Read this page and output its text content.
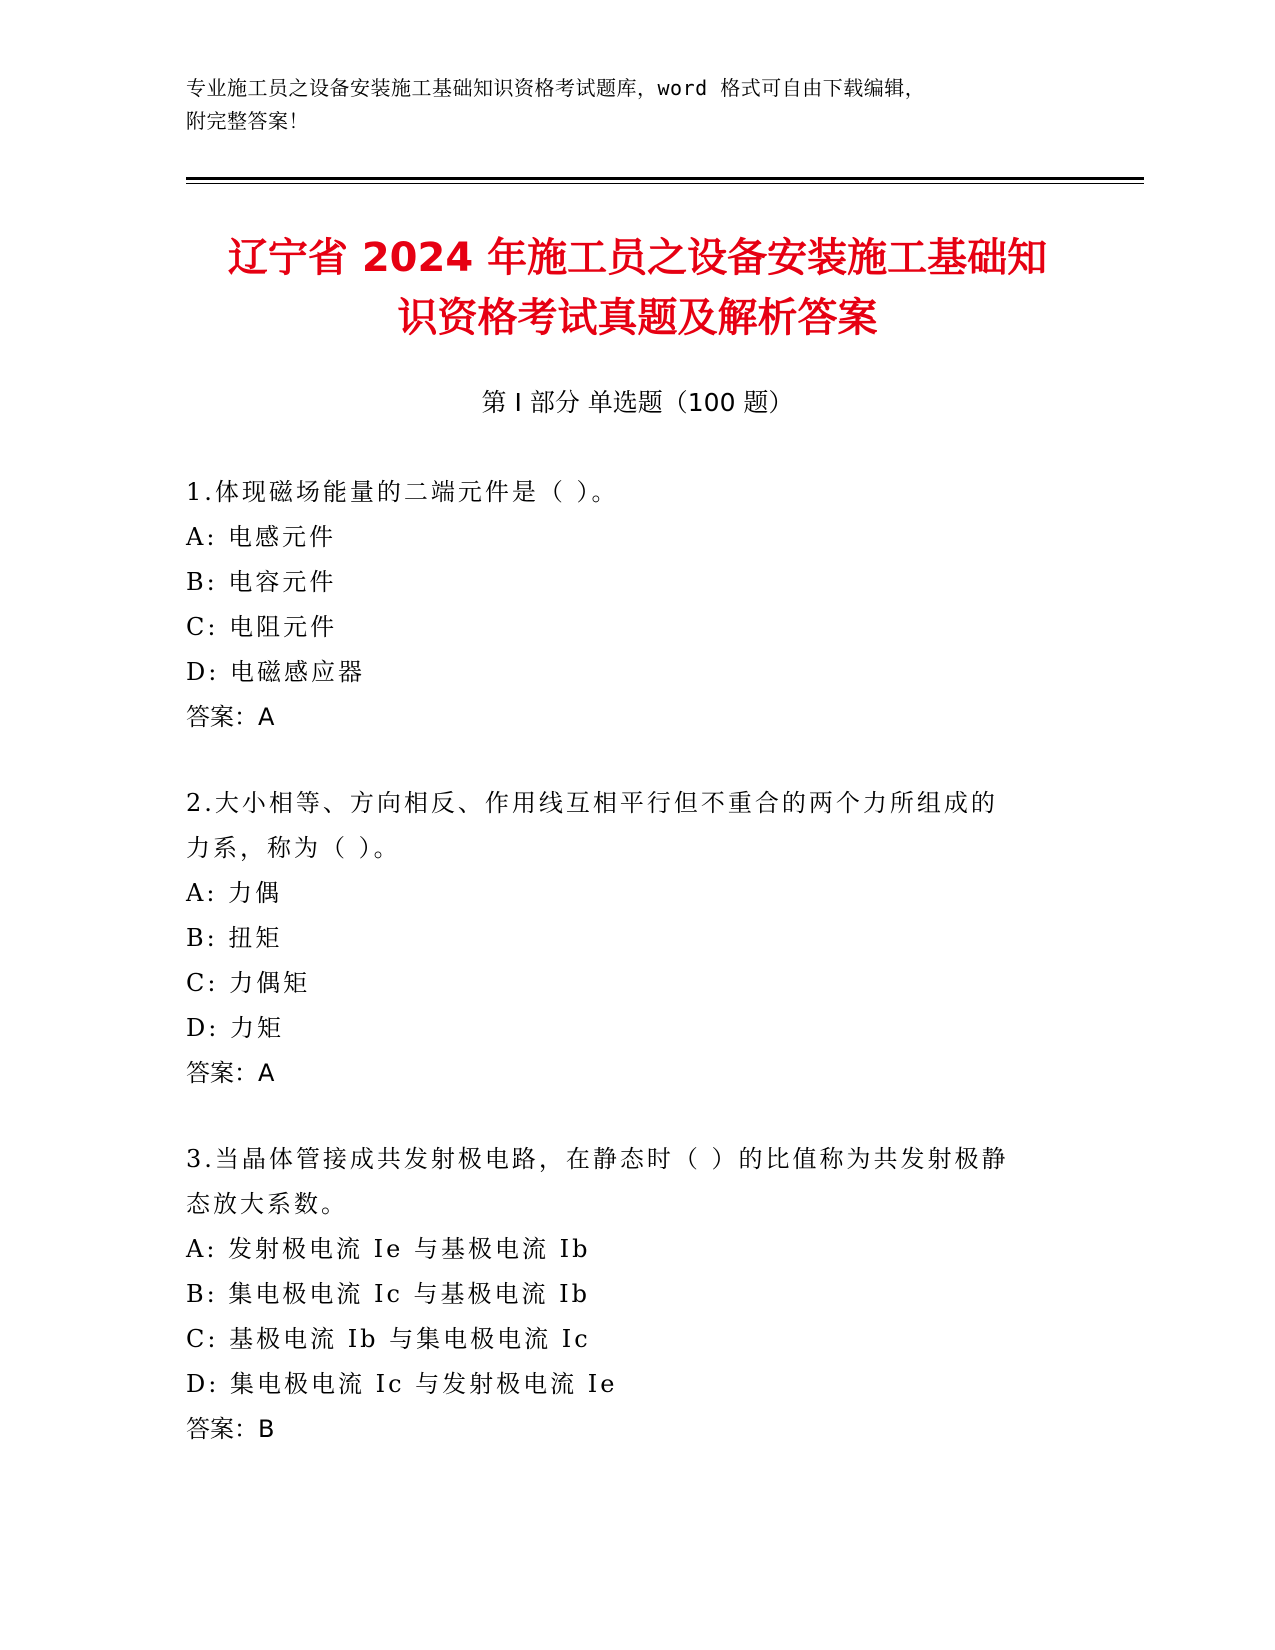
专业施工员之设备安装施工基础知识资格考试题库，word 格式可自由下载编辑，
附完整答案！
辽宁省 2024 年施工员之设备安装施工基础知
识资格考试真题及解析答案
第 I 部分 单选题（100 题）
1.体现磁场能量的二端元件是（ ）。
A: 电感元件
B: 电容元件
C: 电阻元件
D: 电磁感应器
答案：A
2.大小相等、方向相反、作用线互相平行但不重合的两个力所组成的
力系，称为（ ）。
A: 力偶
B: 扭矩
C: 力偶矩
D: 力矩
答案：A
3.当晶体管接成共发射极电路，在静态时（ ）的比值称为共发射极静
态放大系数。
A: 发射极电流 Ie 与基极电流 Ib
B: 集电极电流 Ic 与基极电流 Ib
C: 基极电流 Ib 与集电极电流 Ic
D: 集电极电流 Ic 与发射极电流 Ie
答案：B
